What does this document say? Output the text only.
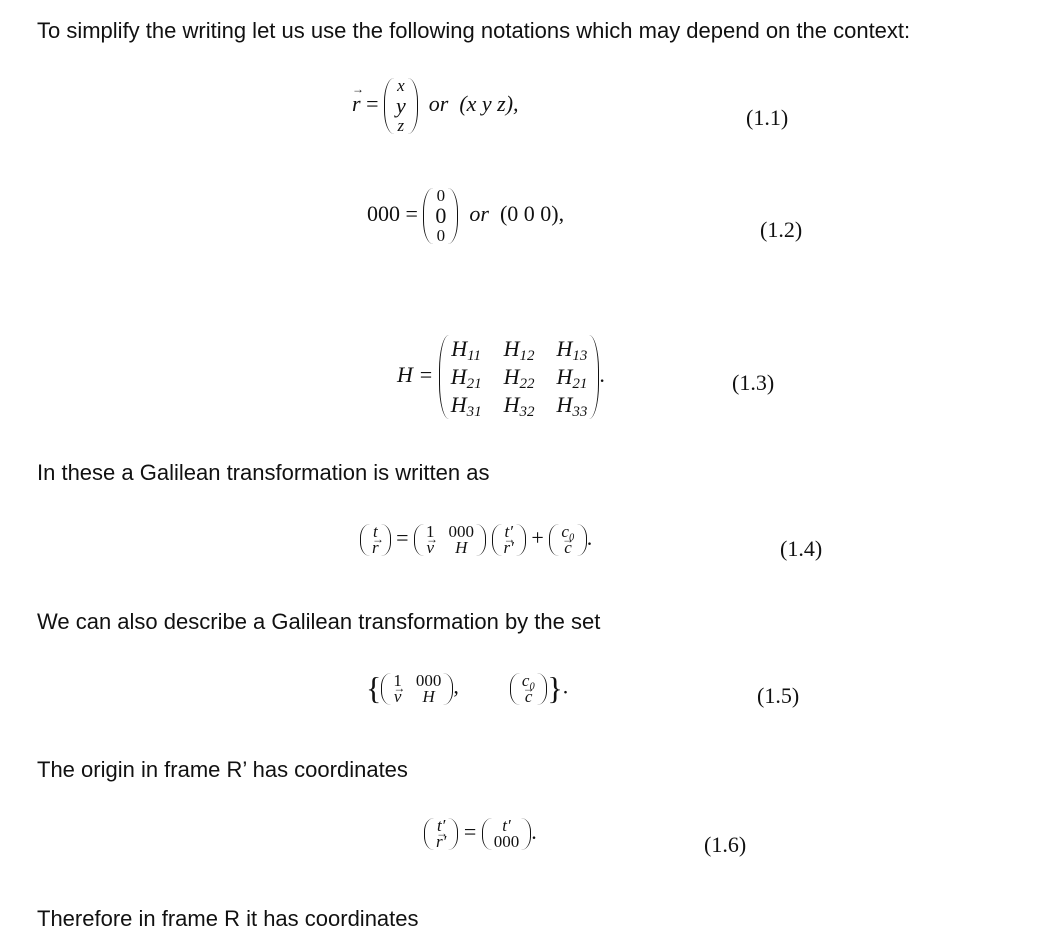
To simplify the writing let us use the following notations which may depend on the context:
→ r =
x
y
z
or (x y z),
(1.1)
000 =
0
0
0
or (0 0 0),
(1.2)
H =
$H_{11}$ $H_{12}$ $H_{13}$
$H_{21}$ $H_{22}$ $H_{21}$
$H_{31}$ $H_{32}$ $H_{33}$
.	(1.3)
In these a Galilean transformation is written as
t
→ r = 1 000
→ v	H

t′
→ r′ + c₀
→ c .	(1.4)
We can also describe a Galilean transformation by the set
{ 1 000
→ v	H ,	c₀
→ c }.	(1.5)
The origin in frame R’ has coordinates
t′
→ r′ =	t′
000 .
(1.6)
Therefore in frame R it has coordinates
